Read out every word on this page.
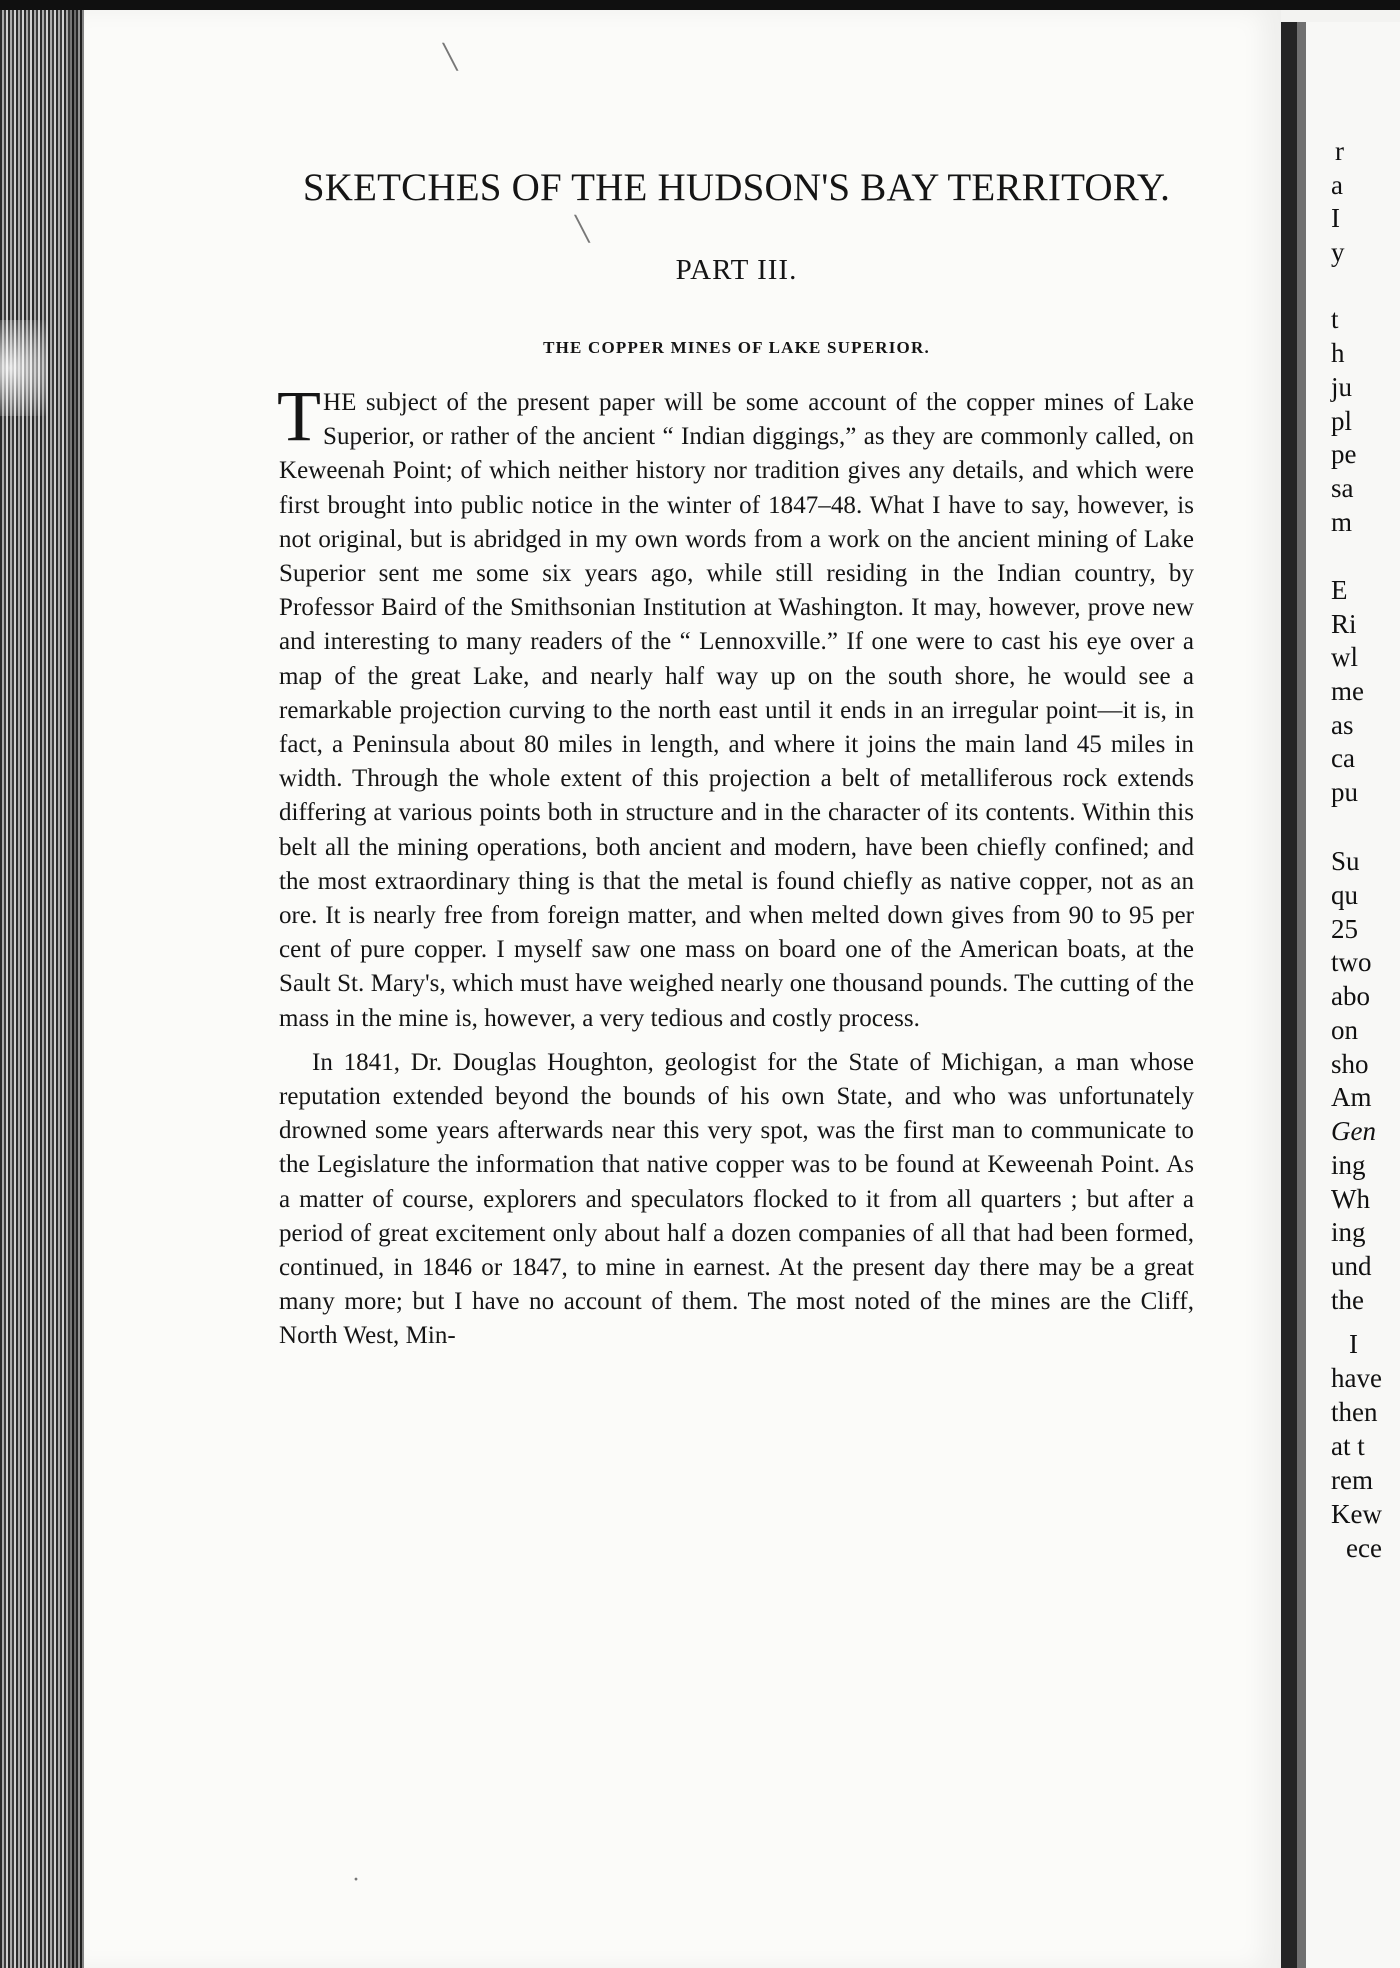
r
a
I
y
t
h
ju
pl
pe
sa
m
E
Ri
wl
me
as
ca
pu
Su
qu
25
two
abo
on
sho
Am
Gen
ing
Wh
ing
und
the
I
have
then
at t
rem
Kew
ece
╲
╲
·
SKETCHES OF THE HUDSON'S BAY TERRITORY.
PART III.
THE COPPER MINES OF LAKE SUPERIOR.

T HE subject of the present paper will be some account of the copper mines of Lake Superior, or rather of the ancient “ Indian diggings,” as they are commonly called, on Keweenah Point; of which neither history nor tradition gives any details, and which were first brought into public notice in the winter of 1847–48. What I have to say, however, is not original, but is abridged in my own words from a work on the ancient mining of Lake Superior sent me some six years ago, while still residing in the Indian country, by Professor Baird of the Smithsonian Institution at Washington. It may, however, prove new and interesting to many readers of the “ Lennoxville.” If one were to cast his eye over a map of the great Lake, and nearly half way up on the south shore, he would see a remarkable projection curving to the north east until it ends in an irregular point—it is, in fact, a Peninsula about 80 miles in length, and where it joins the main land 45 miles in width. Through the whole extent of this projection a belt of metalliferous rock extends differing at various points both in structure and in the character of its contents. Within this belt all the mining operations, both ancient and modern, have been chiefly confined; and the most extraordinary thing is that the metal is found chiefly as native copper, not as an ore. It is nearly free from foreign matter, and when melted down gives from 90 to 95 per cent of pure copper. I myself saw one mass on board one of the American boats, at the Sault St. Mary's, which must have weighed nearly one thousand pounds. The cutting of the mass in the mine is, however, a very tedious and costly process.

In 1841, Dr. Douglas Houghton, geologist for the State of Michigan, a man whose reputation extended beyond the bounds of his own State, and who was unfortunately drowned some years afterwards near this very spot, was the first man to communicate to the Legislature the information that native copper was to be found at Keweenah Point. As a matter of course, explorers and speculators flocked to it from all quarters ; but after a period of great excitement only about half a dozen companies of all that had been formed, continued, in 1846 or 1847, to mine in earnest. At the present day there may be a great many more; but I have no account of them. The most noted of the mines are the Cliff, North West, Min-
